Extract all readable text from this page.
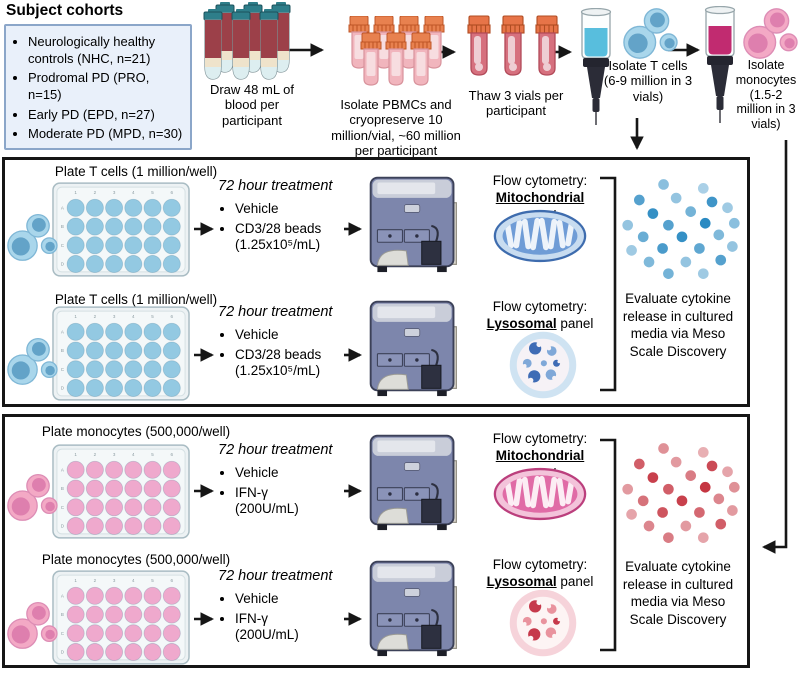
Subject cohorts
• Neurologically healthy controls (NHC, n=21)
• Prodromal PD (PRO, n=15)
• Early PD (EPD, n=27)
• Moderate PD (MPD, n=30)
Draw 48 mL of blood per participant
Isolate PBMCs and cryopreserve 10 million/vial, ~60 million per participant
Thaw 3 vials per participant
Isolate T cells (6-9 million in 3 vials)
Isolate monocytes (1.5-2 million in 3 vials)
Plate T cells (1 million/well)
72 hour treatment
• Vehicle
• CD3/28 beads (1.25x10⁵/mL)
Flow cytometry:
Mitochondrial
Plate T cells (1 million/well)
72 hour treatment
• Vehicle
• CD3/28 beads (1.25x10⁵/mL)
Flow cytometry:
Lysosomal panel
Evaluate cytokine release in cultured media via Meso Scale Discovery
Plate monocytes (500,000/well)
72 hour treatment
• Vehicle
• IFN-γ (200U/mL)
Flow cytometry:
Mitochondrial
Plate monocytes (500,000/well)
72 hour treatment
• Vehicle
• IFN-γ (200U/mL)
Flow cytometry:
Lysosomal panel
Evaluate cytokine release in cultured media via Meso Scale Discovery
